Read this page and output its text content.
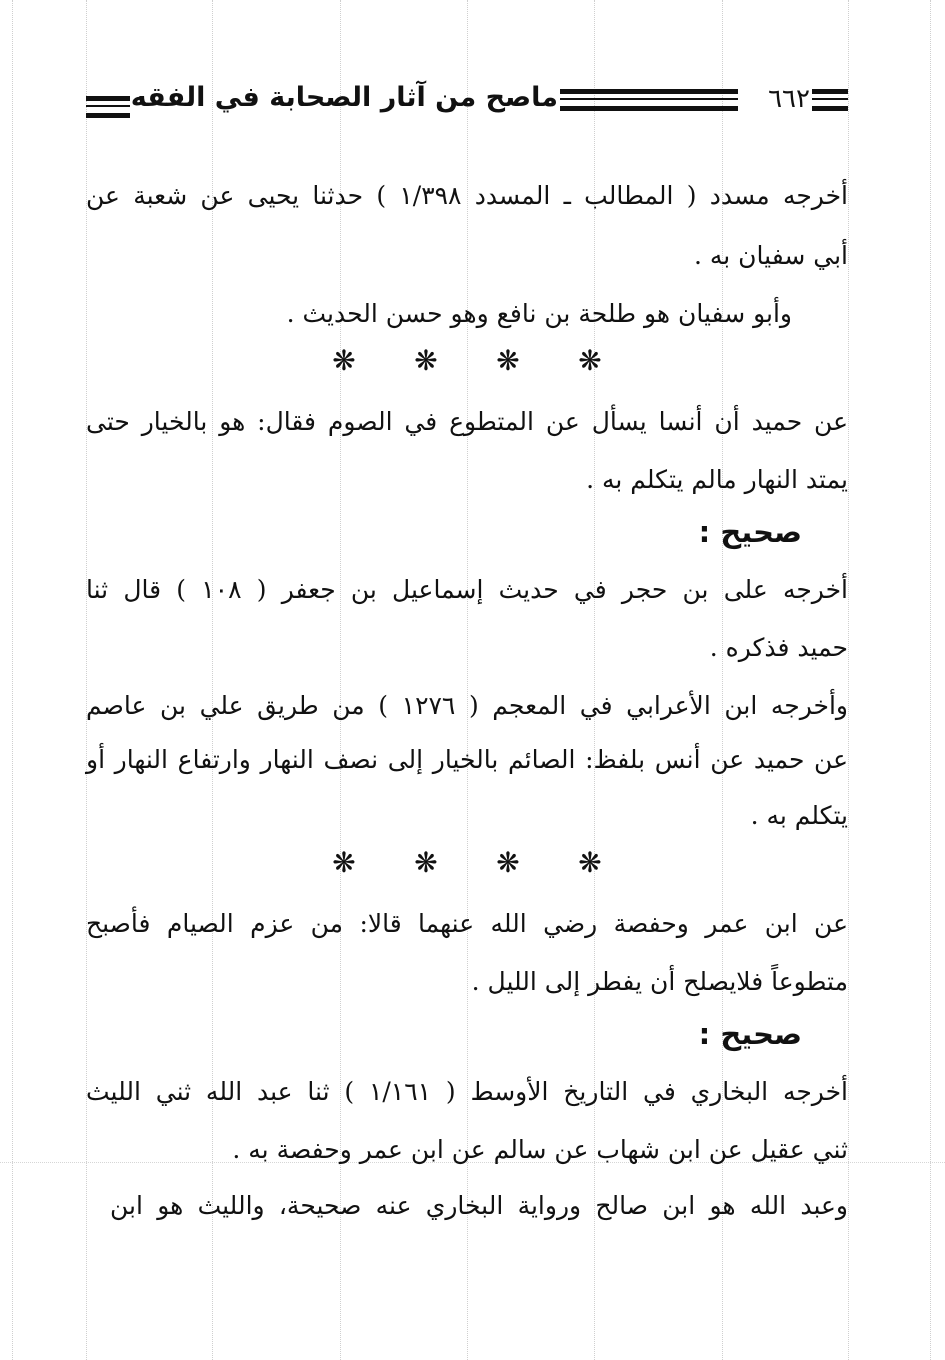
٦٦٢
ماصح من آثار الصحابة في الفقه
أخرجه مسدد ( المطالب ـ المسدد ١/٣٩٨ ) حدثنا يحيى عن شعبة عن
أبي سفيان به .
وأبو سفيان هو طلحة بن نافع وهو حسن الحديث .
❋ ❋ ❋ ❋
عن حميد أن أنسا يسأل عن المتطوع في الصوم فقال: هو بالخيار حتى
يمتد النهار مالم يتكلم به .
صحيح :
أخرجه على بن حجر في حديث إسماعيل بن جعفر ( ١٠٨ ) قال ثنا
حميد فذكره .
وأخرجه ابن الأعرابي في المعجم ( ١٢٧٦ ) من طريق علي بن عاصم
عن حميد عن أنس بلفظ: الصائم بالخيار إلى نصف النهار وارتفاع النهار أو
يتكلم به .
❋ ❋ ❋ ❋
عن ابن عمر وحفصة رضي الله عنهما قالا: من عزم الصيام فأصبح
متطوعاً فلايصلح أن يفطر إلى الليل .
صحيح :
أخرجه البخاري في التاريخ الأوسط ( ١/١٦١ ) ثنا عبد الله ثني الليث
ثني عقيل عن ابن شهاب عن سالم عن ابن عمر وحفصة به .
وعبد الله هو ابن صالح ورواية البخاري عنه صحيحة، والليث هو ابن
